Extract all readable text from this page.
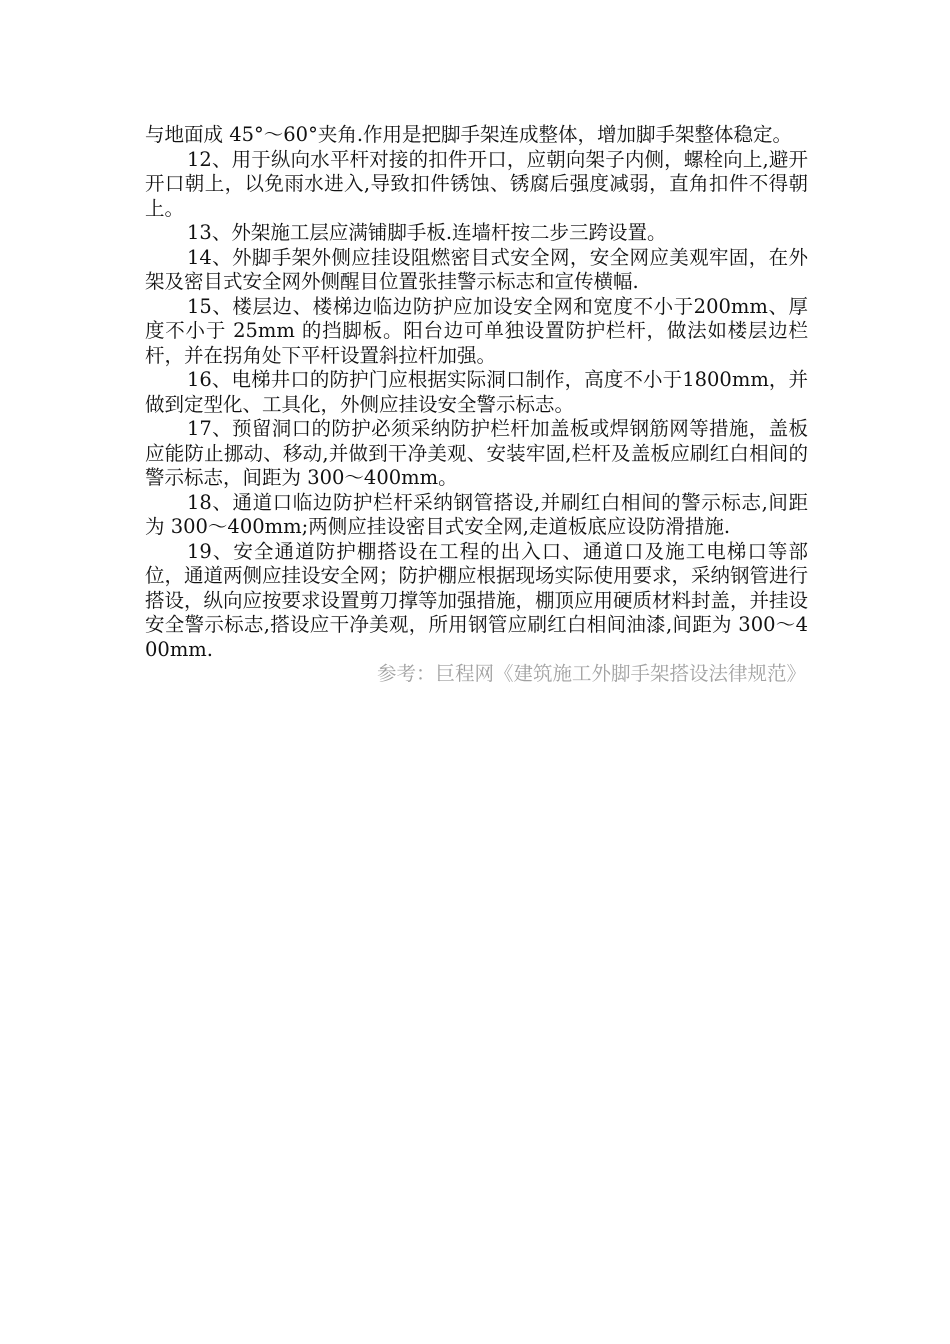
与地面成 45°～60°夹角.作用是把脚手架连成整体，增加脚手架整体稳定。

12、用于纵向水平杆对接的扣件开口，应朝向架子内侧，螺栓向上,避开开口朝上，以免雨水进入,导致扣件锈蚀、锈腐后强度减弱，直角扣件不得朝上。

13、外架施工层应满铺脚手板.连墙杆按二步三跨设置。

14、外脚手架外侧应挂设阻燃密目式安全网，安全网应美观牢固，在外架及密目式安全网外侧醒目位置张挂警示标志和宣传横幅.

15、楼层边、楼梯边临边防护应加设安全网和宽度不小于200mm、厚度不小于 25mm 的挡脚板。阳台边可单独设置防护栏杆，做法如楼层边栏杆，并在拐角处下平杆设置斜拉杆加强。

16、电梯井口的防护门应根据实际洞口制作，高度不小于1800mm，并做到定型化、工具化，外侧应挂设安全警示标志。

17、预留洞口的防护必须采纳防护栏杆加盖板或焊钢筋网等措施，盖板应能防止挪动、移动,并做到干净美观、安装牢固,栏杆及盖板应刷红白相间的警示标志，间距为 300～400mm。

18、通道口临边防护栏杆采纳钢管搭设,并刷红白相间的警示标志,间距为 300～400mm;两侧应挂设密目式安全网,走道板底应设防滑措施.

19、安全通道防护棚搭设在工程的出入口、通道口及施工电梯口等部位，通道两侧应挂设安全网；防护棚应根据现场实际使用要求，采纳钢管进行搭设，纵向应按要求设置剪刀撑等加强措施，棚顶应用硬质材料封盖，并挂设安全警示标志,搭设应干净美观，所用钢管应刷红白相间油漆,间距为 300～400mm.

参考：巨程网《建筑施工外脚手架搭设法律规范》
